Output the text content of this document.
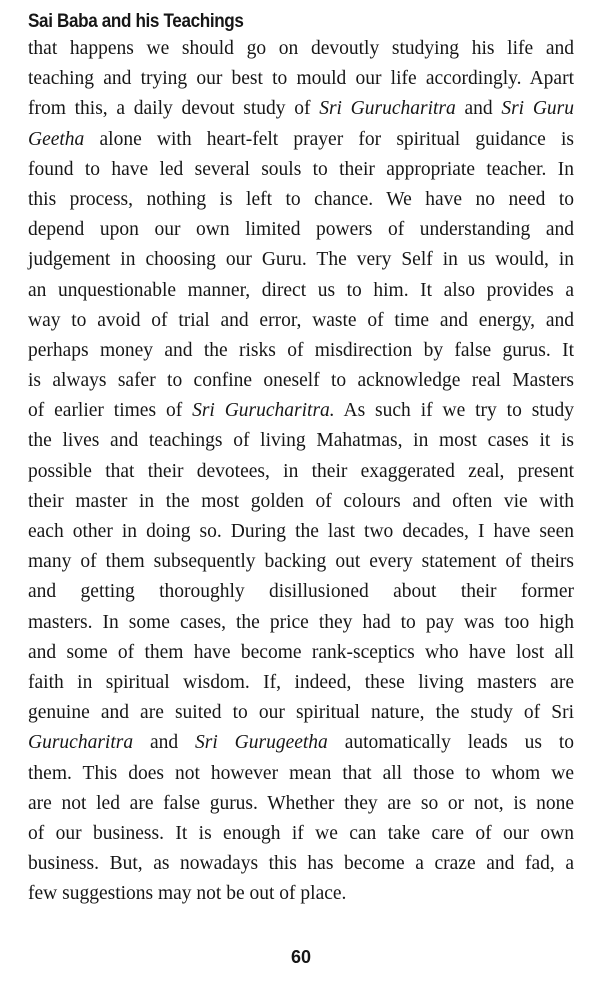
Sai Baba and his Teachings
that happens we should go on devoutly studying his life and
teaching and trying our best to mould our life accordingly. Apart
from this, a daily devout study of Sri Gurucharitra and Sri Guru
Geetha alone with heart-felt prayer for spiritual guidance is
found to have led several souls to their appropriate teacher. In
this process, nothing is left to chance. We have no need to
depend upon our own limited powers of understanding and
judgement in choosing our Guru. The very Self in us would, in
an unquestionable manner, direct us to him. It also provides a
way to avoid of trial and error, waste of time and energy, and
perhaps money and the risks of misdirection by false gurus. It
is always safer to confine oneself to acknowledge real Masters
of earlier times of Sri Gurucharitra. As such if we try to study
the lives and teachings of living Mahatmas, in most cases it is
possible that their devotees, in their exaggerated zeal, present
their master in the most golden of colours and often vie with
each other in doing so. During the last two decades, I have seen
many of them subsequently backing out every statement of theirs
and getting thoroughly disillusioned about their former
masters. In some cases, the price they had to pay was too high
and some of them have become rank-sceptics who have lost all
faith in spiritual wisdom. If, indeed, these living masters are
genuine and are suited to our spiritual nature, the study of Sri
Gurucharitra and Sri Gurugeetha automatically leads us to
them. This does not however mean that all those to whom we
are not led are false gurus. Whether they are so or not, is none
of our business. It is enough if we can take care of our own
business. But, as nowadays this has become a craze and fad, a
few suggestions may not be out of place.
60
